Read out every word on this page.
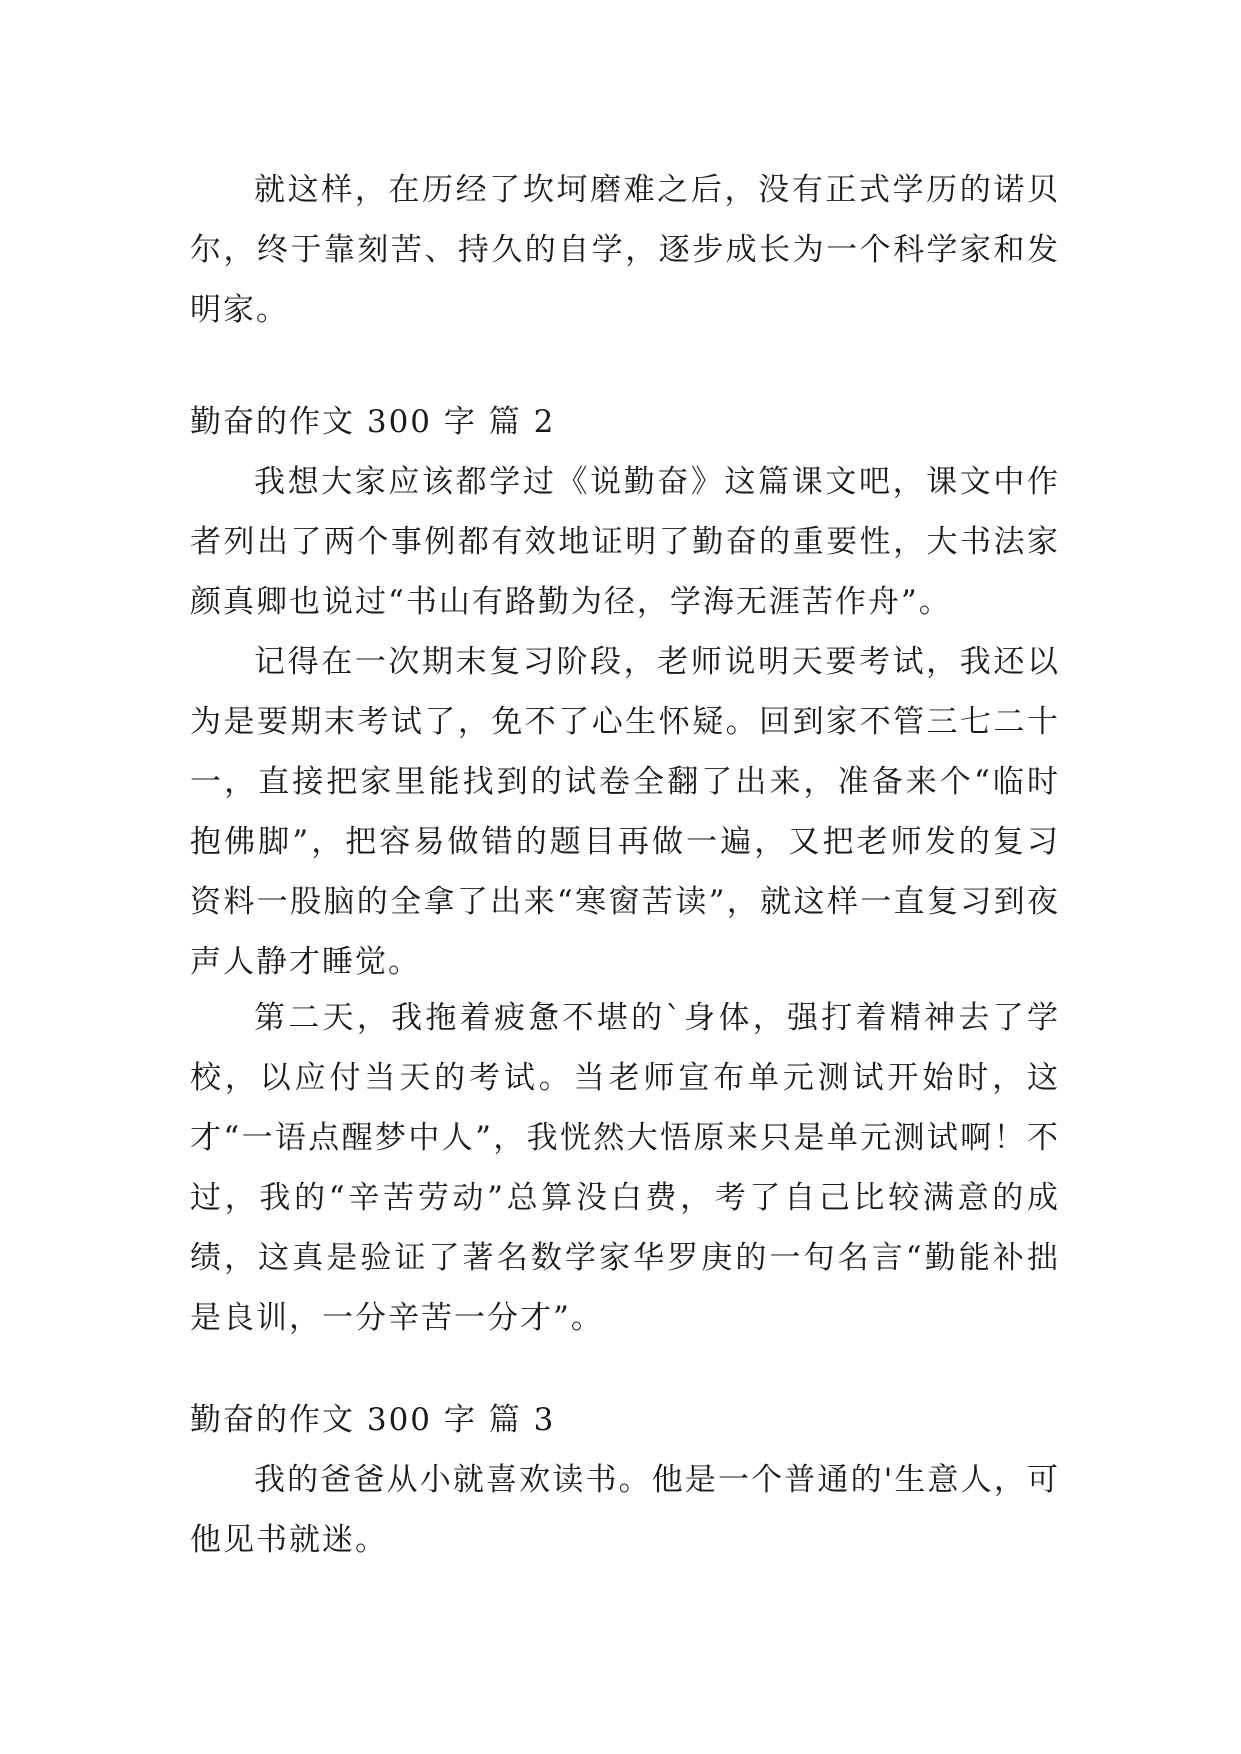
就这样，在历经了坎坷磨难之后，没有正式学历的诺贝尔，终于靠刻苦、持久的自学，逐步成长为一个科学家和发明家。

勤奋的作文 300 字 篇 2

我想大家应该都学过《说勤奋》这篇课文吧，课文中作者列出了两个事例都有效地证明了勤奋的重要性，大书法家颜真卿也说过“书山有路勤为径，学海无涯苦作舟”。

记得在一次期末复习阶段，老师说明天要考试，我还以为是要期末考试了，免不了心生怀疑。回到家不管三七二十一，直接把家里能找到的试卷全翻了出来，准备来个“临时抱佛脚”，把容易做错的题目再做一遍，又把老师发的复习资料一股脑的全拿了出来“寒窗苦读”，就这样一直复习到夜声人静才睡觉。

第二天，我拖着疲惫不堪的`身体，强打着精神去了学校，以应付当天的考试。当老师宣布单元测试开始时，这才“一语点醒梦中人”，我恍然大悟原来只是单元测试啊！不过，我的“辛苦劳动”总算没白费，考了自己比较满意的成绩，这真是验证了著名数学家华罗庚的一句名言“勤能补拙是良训，一分辛苦一分才”。

勤奋的作文 300 字 篇 3

我的爸爸从小就喜欢读书。他是一个普通的'生意人，可他见书就迷。
